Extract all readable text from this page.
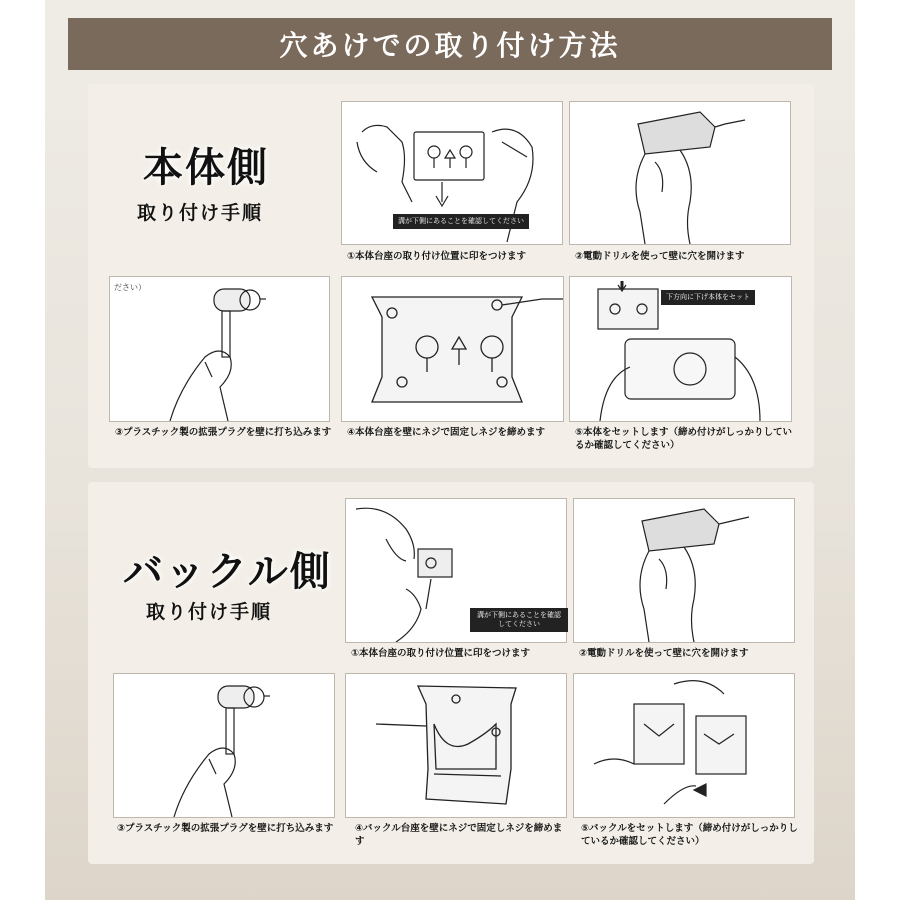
穴あけでの取り付け方法
本体側
取り付け手順	溝が下側にあることを確認してください
①本体台座の取り付け位置に印をつけます	②電動ドリルを使って壁に穴を開けます
ださい）
③プラスチック製の拡張プラグを壁に打ち込みます	④本体台座を壁にネジで固定しネジを締めます
下方向に下げ本体をセット
⑤本体をセットします（締め付けがしっかりしているか確認してください）
バックル側
取り付け手順	溝が下側にあることを確認してください
①本体台座の取り付け位置に印をつけます	②電動ドリルを使って壁に穴を開けます
③プラスチック製の拡張プラグを壁に打ち込みます	④バックル台座を壁にネジで固定しネジを締めます
⑤バックルをセットします（締め付けがしっかりしているか確認してください）
